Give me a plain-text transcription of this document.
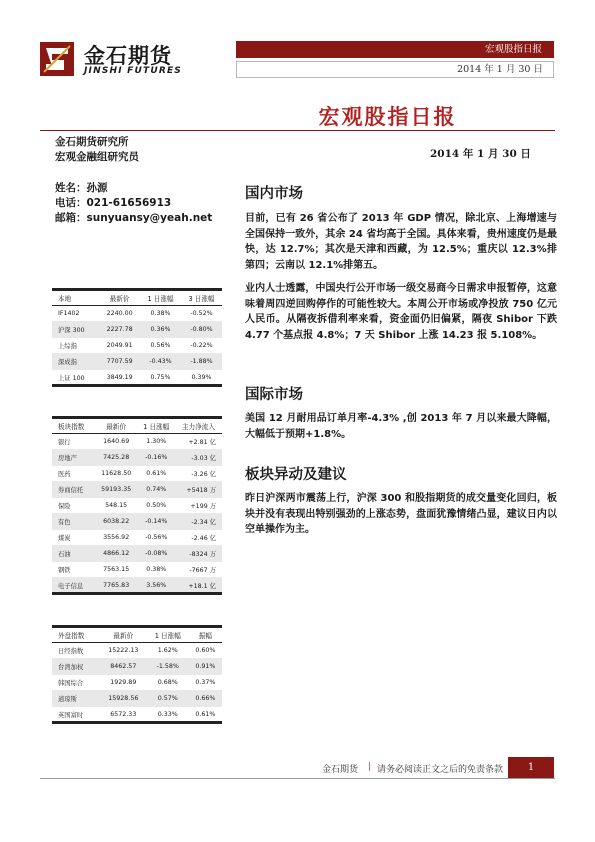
金石期货
JINSHI FUTURES
宏观股指日报
2014 年 1 月 30 日
宏观股指日报
金石期货研究所
宏观金融组研究员	2014 年 1 月 30 日
姓名：孙源
电话：021-61656913
邮箱：sunyuansy@yeah.net
本地	最新价	1 日涨幅	3 日涨幅
IF1402	2240.00	0.38%	-0.52%
沪深 300	2227.78	0.36%	-0.80%
上综指	2049.91	0.56%	-0.22%
深成指	7707.59	-0.43%	-1.88%
上证 100	3849.19	0.75%	0.39%
板块指数	最新价	1 日涨幅	主力净流入
银行	1640.69	1.30%	+2.81 亿
房地产	7425.28	-0.16%	-3.03 亿
医药	11628.50	0.61%	-3.26 亿
券商信托	59193.35	0.74%	+5418 万
保险	548.15	0.50%	+199 万
有色	6038.22	-0.14%	-2.34 亿
煤炭	3556.92	-0.56%	-2.46 亿
石油	4866.12	-0.08%	-8324 万
钢铁	7563.15	0.38%	-7667 万
电子信息	7765.83	3.56%	+18.1 亿
外盘指数	最新价	1 日涨幅	振幅
日经指数	15222.13	1.62%	0.60%
台湾加权	8462.57	-1.58%	0.91%
韩国综合	1929.89	0.68%	0.37%
道琼斯	15928.56	0.57%	0.66%
英国富时	6572.33	0.33%	0.61%
国内市场
目前，已有 26 省公布了 2013 年 GDP 情况，除北京、上海增速与全国保持一致外，其余 24 省均高于全国。具体来看，贵州速度仍是最快，达 12.7%；其次是天津和西藏，为 12.5%；重庆以 12.3%排第四；云南以 12.1%排第五。
业内人士透露，中国央行公开市场一级交易商今日需求申报暂停，这意味着周四逆回购停作的可能性较大。本周公开市场或净投放 750 亿元人民币。从隔夜拆借利率来看，资金面仍旧偏紧，隔夜 Shibor 下跌 4.77 个基点报 4.8%；7 天 Shibor 上涨 14.23 报 5.108%。
国际市场
美国 12 月耐用品订单月率-4.3% ,创 2013 年 7 月以来最大降幅，大幅低于预期+1.8%。
板块异动及建议
昨日沪深两市震荡上行，沪深 300 和股指期货的成交量变化回归，板块并没有表现出特别强劲的上涨态势，盘面犹豫情绪凸显，建议日内以空单操作为主。
金石期货 | 请务必阅读正文之后的免责条款	1
